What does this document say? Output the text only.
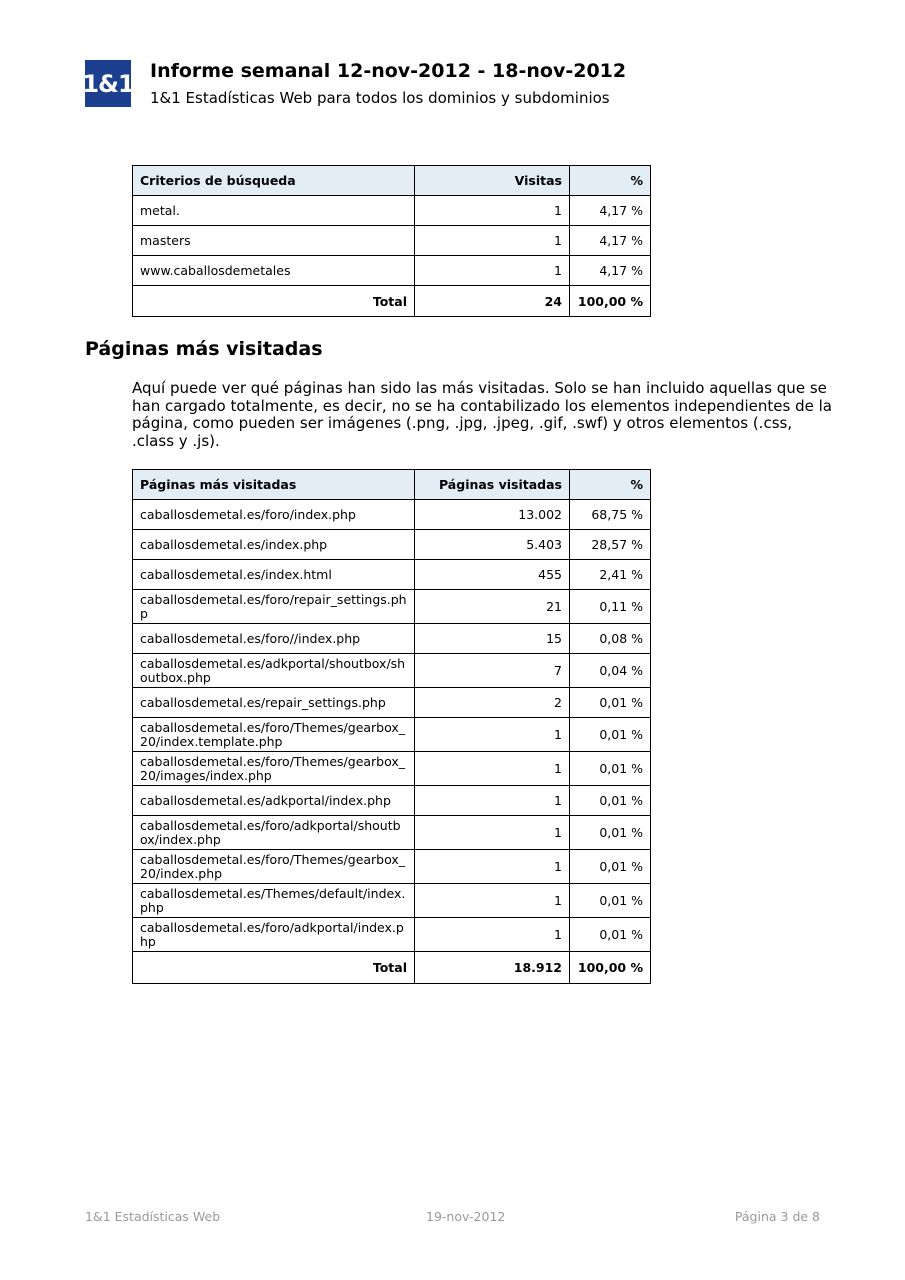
1&1 Informe semanal 12-nov-2012 - 18-nov-2012
1&1 Estadísticas Web para todos los dominios y subdominios
Criterios de búsqueda	Visitas	%
metal.	1	4,17 %
masters	1	4,17 %
www.caballosdemetales	1	4,17 %
Total	24	100,00 %
Páginas más visitadas
Aquí puede ver qué páginas han sido las más visitadas. Solo se han incluido aquellas que se han cargado totalmente, es decir, no se ha contabilizado los elementos independientes de la página, como pueden ser imágenes (.png, .jpg, .jpeg, .gif, .swf) y otros elementos (.css, .class y .js).
Páginas más visitadas	Páginas visitadas	%
caballosdemetal.es/foro/index.php	13.002	68,75 %
caballosdemetal.es/index.php	5.403	28,57 %
caballosdemetal.es/index.html	455	2,41 %
caballosdemetal.es/foro/repair_settings.php	21	0,11 %
caballosdemetal.es/foro//index.php	15	0,08 %
caballosdemetal.es/adkportal/shoutbox/shoutbox.php	7	0,04 %
caballosdemetal.es/repair_settings.php	2	0,01 %
caballosdemetal.es/foro/Themes/gearbox_20/index.template.php	1	0,01 %
caballosdemetal.es/foro/Themes/gearbox_20/images/index.php	1	0,01 %
caballosdemetal.es/adkportal/index.php	1	0,01 %
caballosdemetal.es/foro/adkportal/shoutbox/index.php	1	0,01 %
caballosdemetal.es/foro/Themes/gearbox_20/index.php	1	0,01 %
caballosdemetal.es/Themes/default/index.php	1	0,01 %
caballosdemetal.es/foro/adkportal/index.php	1	0,01 %
Total	18.912	100,00 %
1&1 Estadísticas Web	19-nov-2012	Página 3 de 8
